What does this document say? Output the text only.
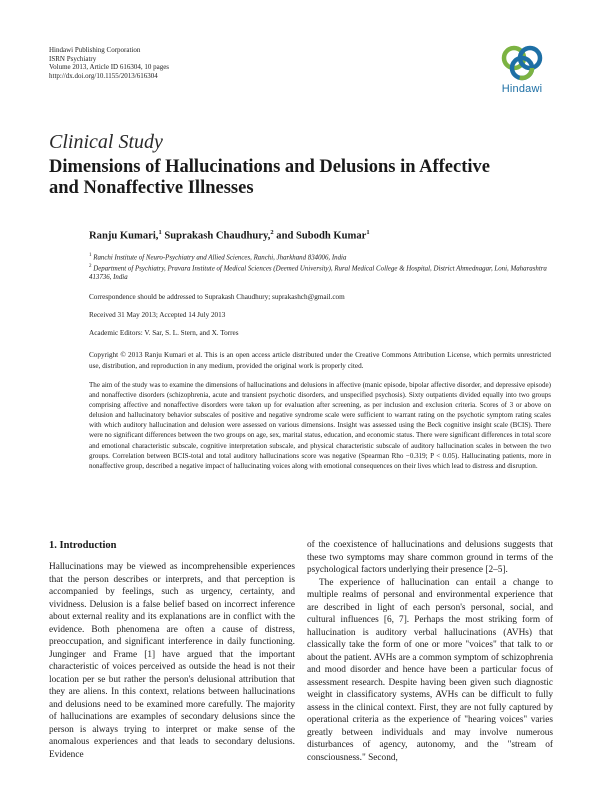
Hindawi Publishing Corporation
ISRN Psychiatry
Volume 2013, Article ID 616304, 10 pages
http://dx.doi.org/10.1155/2013/616304
Hindawi
Clinical Study
Dimensions of Hallucinations and Delusions in Affective and Nonaffective Illnesses
Ranju Kumari,$^1$ Suprakash Chaudhury,$^2$ and Subodh Kumar$^1$
$^1$ Ranchi Institute of Neuro-Psychiatry and Allied Sciences, Ranchi, Jharkhand 834006, India
$^2$ Department of Psychiatry, Pravara Institute of Medical Sciences (Deemed University), Rural Medical College & Hospital, District Ahmednagar, Loni, Maharashtra 413736, India
Correspondence should be addressed to Suprakash Chaudhury; suprakashch@gmail.com
Received 31 May 2013; Accepted 14 July 2013
Academic Editors: V. Sar, S. L. Stern, and X. Torres
Copyright © 2013 Ranju Kumari et al. This is an open access article distributed under the Creative Commons Attribution License, which permits unrestricted use, distribution, and reproduction in any medium, provided the original work is properly cited.
The aim of the study was to examine the dimensions of hallucinations and delusions in affective (manic episode, bipolar affective disorder, and depressive episode) and nonaffective disorders (schizophrenia, acute and transient psychotic disorders, and unspecified psychosis). Sixty outpatients divided equally into two groups comprising affective and nonaffective disorders were taken up for evaluation after screening, as per inclusion and exclusion criteria. Scores of 3 or above on delusion and hallucinatory behavior subscales of positive and negative syndrome scale were sufficient to warrant rating on the psychotic symptom rating scales with which auditory hallucination and delusion were assessed on various dimensions. Insight was assessed using the Beck cognitive insight scale (BCIS). There were no significant differences between the two groups on age, sex, marital status, education, and economic status. There were significant differences in total score and emotional characteristic subscale, cognitive interpretation subscale, and physical characteristic subscale of auditory hallucination scales in between the two groups. Correlation between BCIS-total and total auditory hallucinations score was negative (Spearman Rho −0.319; P < 0.05). Hallucinating patients, more in nonaffective group, described a negative impact of hallucinating voices along with emotional consequences on their lives which lead to distress and disruption.
1. Introduction

Hallucinations may be viewed as incomprehensible experiences that the person describes or interprets, and that perception is accompanied by feelings, such as urgency, certainty, and vividness. Delusion is a false belief based on incorrect inference about external reality and its explanations are in conflict with the evidence. Both phenomena are often a cause of distress, preoccupation, and significant interference in daily functioning. Junginger and Frame [1] have argued that the important characteristic of voices perceived as outside the head is not their location per se but rather the person's delusional attribution that they are aliens. In this context, relations between hallucinations and delusions need to be examined more carefully. The majority of hallucinations are examples of secondary delusions since the person is always trying to interpret or make sense of the anomalous experiences and that leads to secondary delusions. Evidence

of the coexistence of hallucinations and delusions suggests that these two symptoms may share common ground in terms of the psychological factors underlying their presence [2–5].

The experience of hallucination can entail a change to multiple realms of personal and environmental experience that are described in light of each person's personal, social, and cultural influences [6, 7]. Perhaps the most striking form of hallucination is auditory verbal hallucinations (AVHs) that classically take the form of one or more "voices" that talk to or about the patient. AVHs are a common symptom of schizophrenia and mood disorder and hence have been a particular focus of assessment research. Despite having been given such diagnostic weight in classificatory systems, AVHs can be difficult to fully assess in the clinical context. First, they are not fully captured by operational criteria as the experience of "hearing voices" varies greatly between individuals and may involve numerous disturbances of agency, autonomy, and the "stream of consciousness." Second,
